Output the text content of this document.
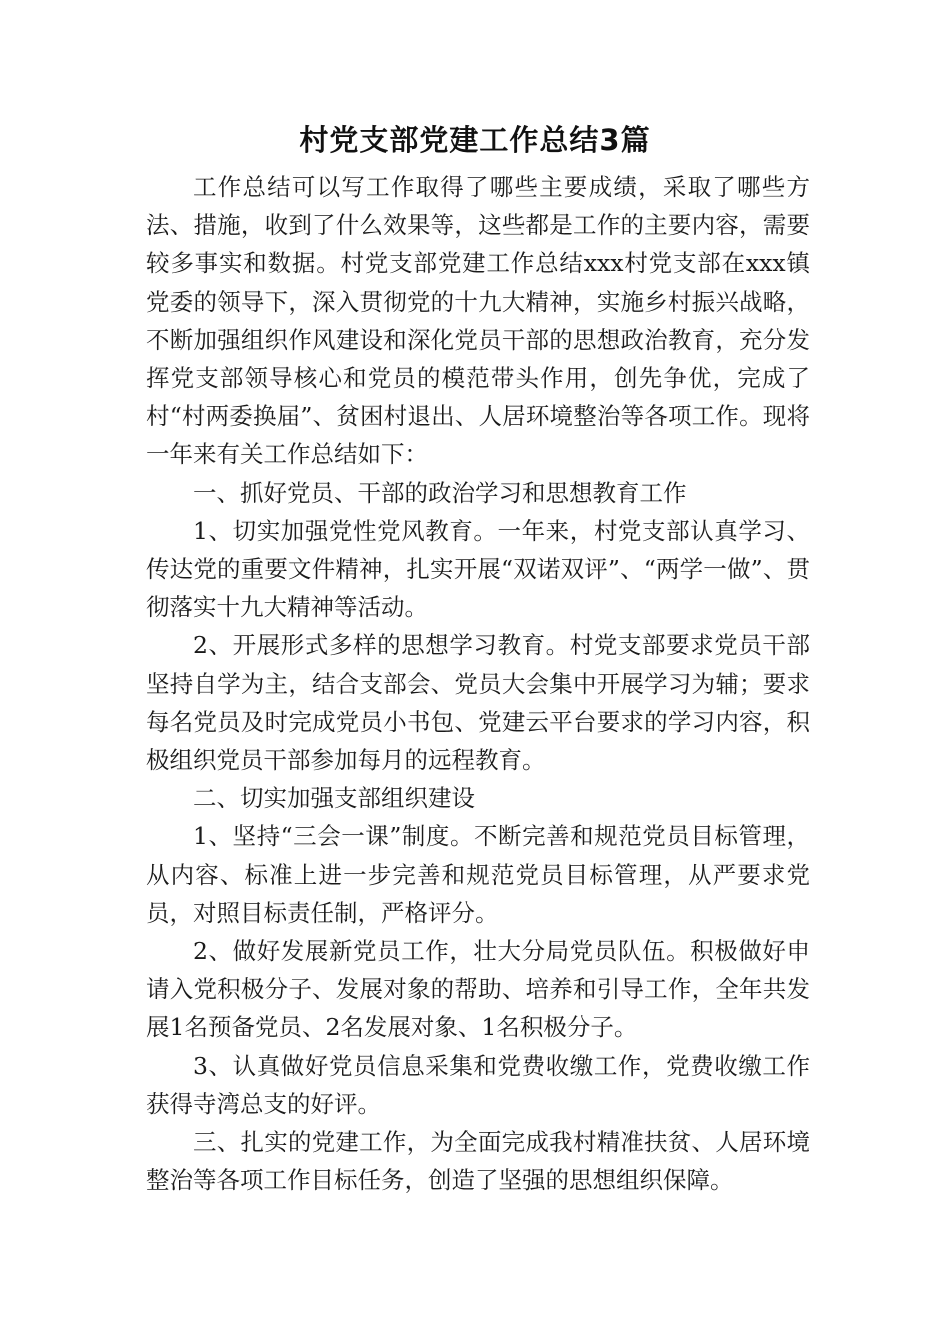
村党支部党建工作总结3篇

工作总结可以写工作取得了哪些主要成绩，采取了哪些方法、措施，收到了什么效果等，这些都是工作的主要内容，需要较多事实和数据。村党支部党建工作总结xxx村党支部在xxx镇党委的领导下，深入贯彻党的十九大精神，实施乡村振兴战略，不断加强组织作风建设和深化党员干部的思想政治教育，充分发挥党支部领导核心和党员的模范带头作用，创先争优，完成了村“村两委换届”、贫困村退出、人居环境整治等各项工作。现将一年来有关工作总结如下：

一、抓好党员、干部的政治学习和思想教育工作

1、切实加强党性党风教育。一年来，村党支部认真学习、传达党的重要文件精神，扎实开展“双诺双评”、“两学一做”、贯彻落实十九大精神等活动。

2、开展形式多样的思想学习教育。村党支部要求党员干部坚持自学为主，结合支部会、党员大会集中开展学习为辅；要求每名党员及时完成党员小书包、党建云平台要求的学习内容，积极组织党员干部参加每月的远程教育。

二、切实加强支部组织建设

1、坚持“三会一课”制度。不断完善和规范党员目标管理，从内容、标准上进一步完善和规范党员目标管理，从严要求党员，对照目标责任制，严格评分。

2、做好发展新党员工作，壮大分局党员队伍。积极做好申请入党积极分子、发展对象的帮助、培养和引导工作，全年共发展1名预备党员、2名发展对象、1名积极分子。

3、认真做好党员信息采集和党费收缴工作，党费收缴工作获得寺湾总支的好评。

三、扎实的党建工作，为全面完成我村精准扶贫、人居环境整治等各项工作目标任务，创造了坚强的思想组织保障。
